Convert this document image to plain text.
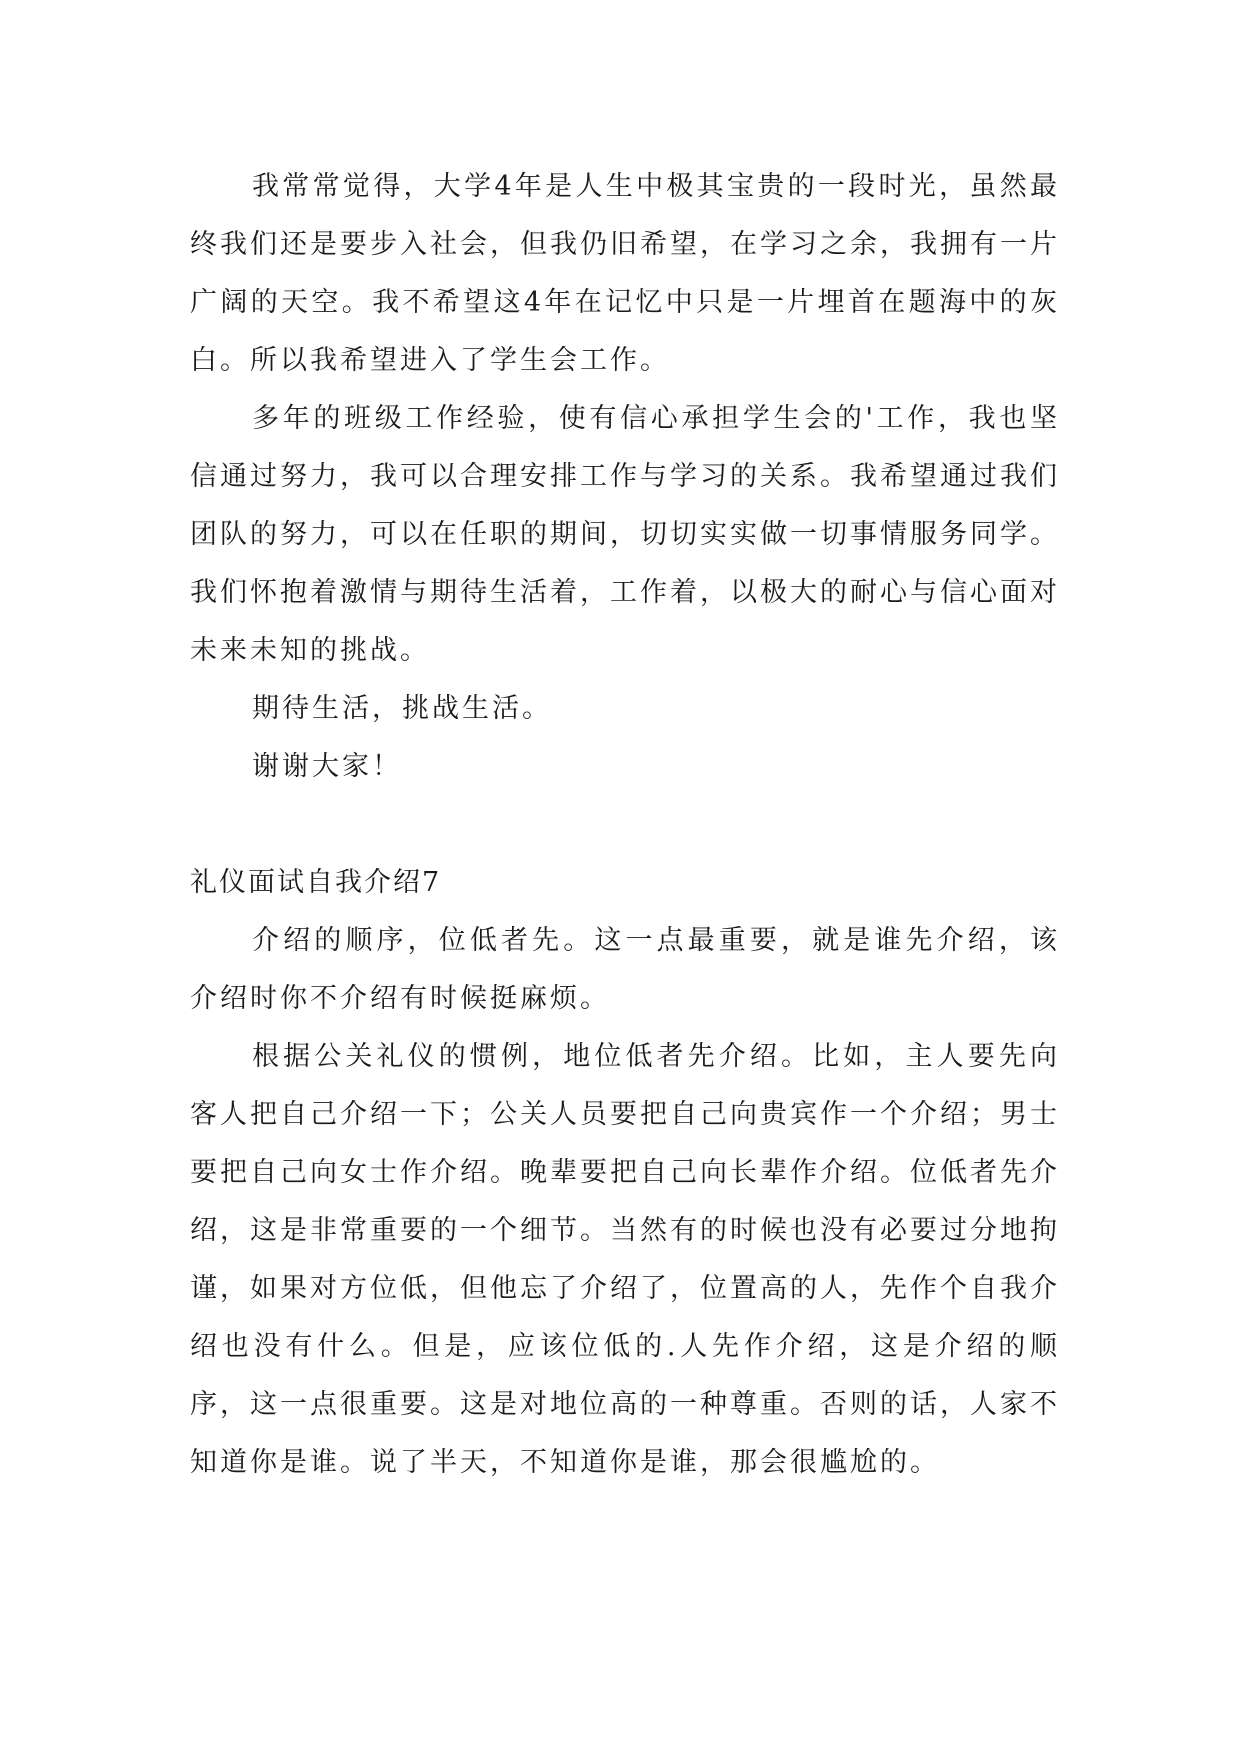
我常常觉得，大学4年是人生中极其宝贵的一段时光，虽然最终我们还是要步入社会，但我仍旧希望，在学习之余，我拥有一片广阔的天空。我不希望这4年在记忆中只是一片埋首在题海中的灰白。所以我希望进入了学生会工作。

多年的班级工作经验，使有信心承担学生会的'工作，我也坚信通过努力，我可以合理安排工作与学习的关系。我希望通过我们团队的努力，可以在任职的期间，切切实实做一切事情服务同学。我们怀抱着激情与期待生活着，工作着，以极大的耐心与信心面对未来未知的挑战。

期待生活，挑战生活。

谢谢大家！

礼仪面试自我介绍7

介绍的顺序，位低者先。这一点最重要，就是谁先介绍，该介绍时你不介绍有时候挺麻烦。

根据公关礼仪的惯例，地位低者先介绍。比如，主人要先向客人把自己介绍一下；公关人员要把自己向贵宾作一个介绍；男士要把自己向女士作介绍。晚辈要把自己向长辈作介绍。位低者先介绍，这是非常重要的一个细节。当然有的时候也没有必要过分地拘谨，如果对方位低，但他忘了介绍了，位置高的人，先作个自我介绍也没有什么。但是，应该位低的.人先作介绍，这是介绍的顺序，这一点很重要。这是对地位高的一种尊重。否则的话，人家不知道你是谁。说了半天，不知道你是谁，那会很尴尬的。
